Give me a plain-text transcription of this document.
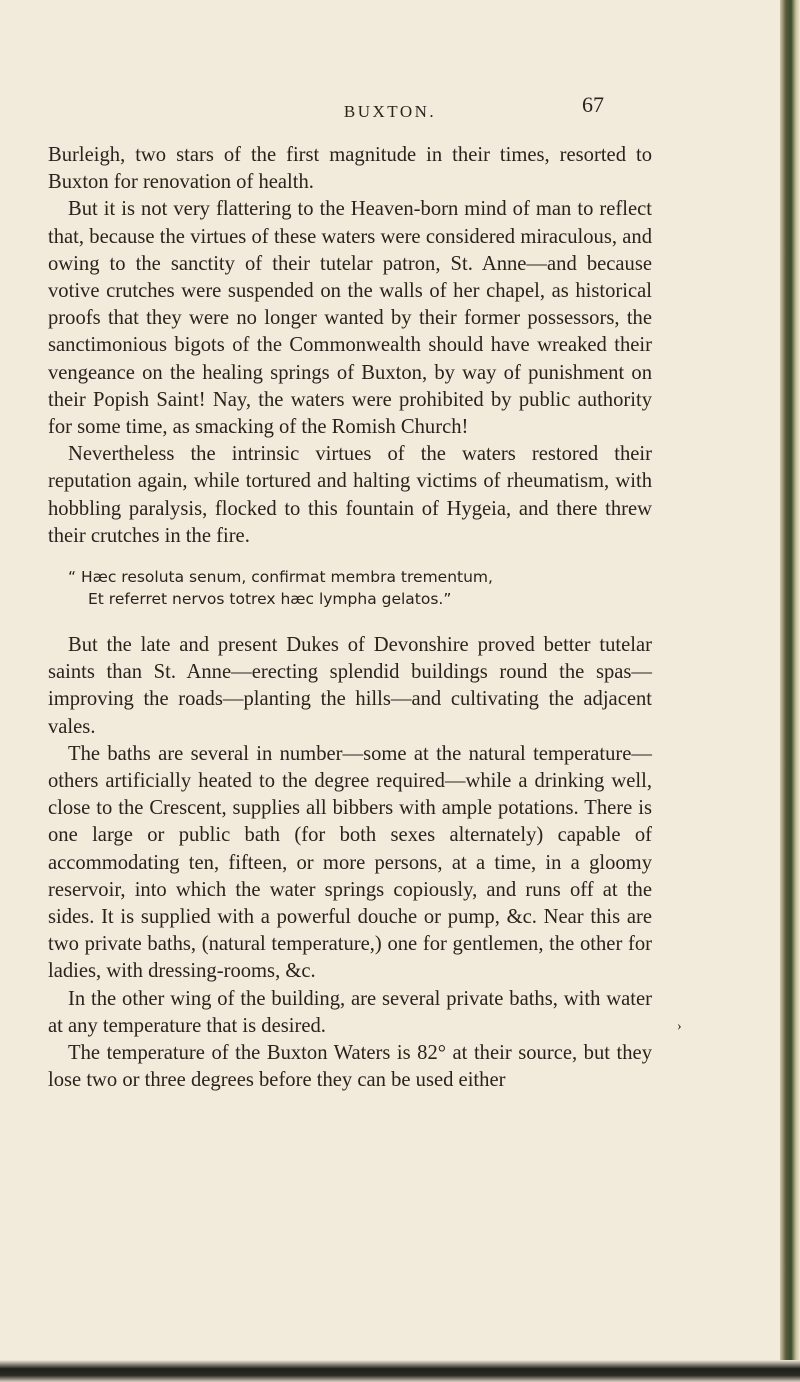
BUXTON.	67

Burleigh, two stars of the first magnitude in their times, resorted to Buxton for renovation of health.

But it is not very flattering to the Heaven-born mind of man to reflect that, because the virtues of these waters were considered miraculous, and owing to the sanctity of their tutelar patron, St. Anne—and because votive crutches were suspended on the walls of her chapel, as historical proofs that they were no longer wanted by their former possessors, the sanctimonious bigots of the Commonwealth should have wreaked their vengeance on the healing springs of Buxton, by way of punishment on their Popish Saint! Nay, the waters were prohibited by public authority for some time, as smacking of the Romish Church!

Nevertheless the intrinsic virtues of the waters restored their reputation again, while tortured and halting victims of rheumatism, with hobbling paralysis, flocked to this fountain of Hygeia, and there threw their crutches in the fire.

“ Hæc resoluta senum, confirmat membra trementum,
Et referret nervos totrex hæc lympha gelatos.”

But the late and present Dukes of Devonshire proved better tutelar saints than St. Anne—erecting splendid buildings round the spas—improving the roads—planting the hills—and cultivating the adjacent vales.

The baths are several in number—some at the natural temperature—others artificially heated to the degree required—while a drinking well, close to the Crescent, supplies all bibbers with ample potations. There is one large or public bath (for both sexes alternately) capable of accommodating ten, fifteen, or more persons, at a time, in a gloomy reservoir, into which the water springs copiously, and runs off at the sides. It is supplied with a powerful douche or pump, &c. Near this are two private baths, (natural temperature,) one for gentlemen, the other for ladies, with dressing-rooms, &c.

In the other wing of the building, are several private baths, with water at any temperature that is desired.

The temperature of the Buxton Waters is 82° at their source, but they lose two or three degrees before they can be used either

›
